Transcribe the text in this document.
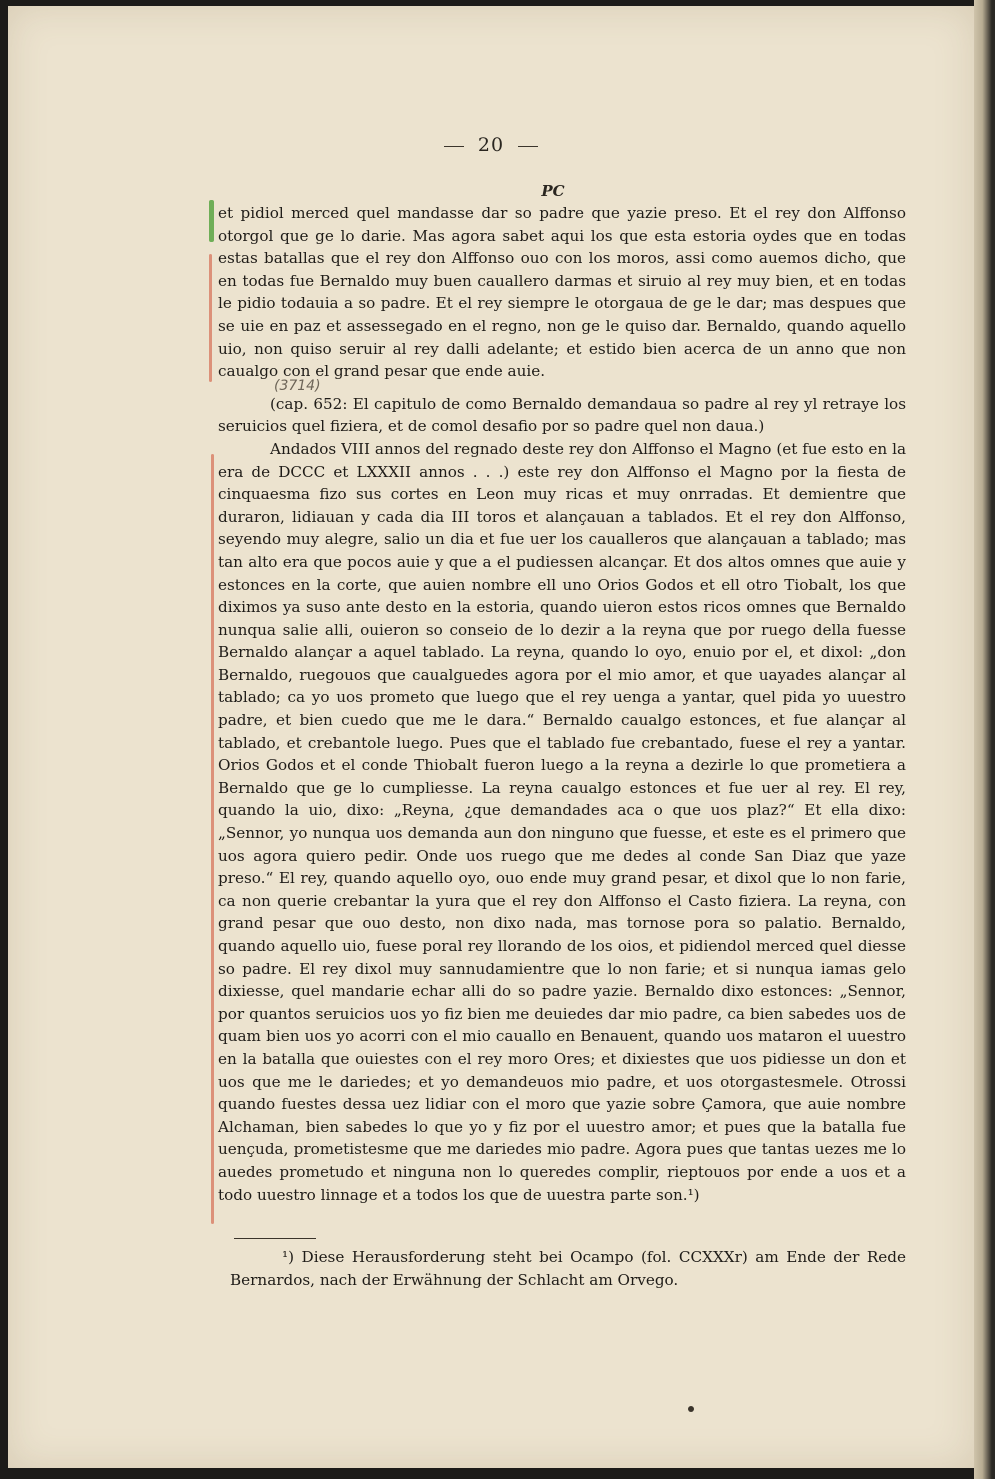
20
PC
(3714)

et pidiol merced quel mandasse dar so padre que yazie preso. Et el rey don Alffonso otorgol que ge lo darie. Mas agora sabet aqui los que esta estoria oydes que en todas estas batallas que el rey don Alffonso ouo con los moros, assi como auemos dicho, que en todas fue Bernaldo muy buen cauallero darmas et siruio al rey muy bien, et en todas le pidio todauia a so padre. Et el rey siempre le otorgaua de ge le dar; mas despues que se uie en paz et assessegado en el regno, non ge le quiso dar. Bernaldo, quando aquello uio, non quiso seruir al rey dalli adelante; et estido bien acerca de un anno que non caualgo con el grand pesar que ende auie.

(cap. 652: El capitulo de como Bernaldo demandaua so padre al rey yl retraye los seruicios quel fiziera, et de comol desafio por so padre quel non daua.)

Andados VIII annos del regnado deste rey don Alffonso el Magno (et fue esto en la era de DCCC et LXXXII annos . . .) este rey don Alffonso el Magno por la fiesta de cinquaesma fizo sus cortes en Leon muy ricas et muy onrradas. Et demientre que duraron, lidiauan y cada dia III toros et alançauan a tablados. Et el rey don Alffonso, seyendo muy alegre, salio un dia et fue uer los caualleros que alançauan a tablado; mas tan alto era que pocos auie y que a el pudiessen alcançar. Et dos altos omnes que auie y estonces en la corte, que auien nombre ell uno Orios Godos et ell otro Tiobalt, los que diximos ya suso ante desto en la estoria, quando uieron estos ricos omnes que Bernaldo nunqua salie alli, ouieron so conseio de lo dezir a la reyna que por ruego della fuesse Bernaldo alançar a aquel tablado. La reyna, quando lo oyo, enuio por el, et dixol: „don Bernaldo, ruegouos que caualguedes agora por el mio amor, et que uayades alançar al tablado; ca yo uos prometo que luego que el rey uenga a yantar, quel pida yo uuestro padre, et bien cuedo que me le dara.“ Bernaldo caualgo estonces, et fue alançar al tablado, et crebantole luego. Pues que el tablado fue crebantado, fuese el rey a yantar. Orios Godos et el conde Thiobalt fueron luego a la reyna a dezirle lo que prometiera a Bernaldo que ge lo cumpliesse. La reyna caualgo estonces et fue uer al rey. El rey, quando la uio, dixo: „Reyna, ¿que demandades aca o que uos plaz?“ Et ella dixo: „Sennor, yo nunqua uos demanda aun don ninguno que fuesse, et este es el primero que uos agora quiero pedir. Onde uos ruego que me dedes al conde San Diaz que yaze preso.“ El rey, quando aquello oyo, ouo ende muy grand pesar, et dixol que lo non farie, ca non querie crebantar la yura que el rey don Alffonso el Casto fiziera. La reyna, con grand pesar que ouo desto, non dixo nada, mas tornose pora so palatio. Bernaldo, quando aquello uio, fuese poral rey llorando de los oios, et pidiendol merced quel diesse so padre. El rey dixol muy sannudamientre que lo non farie; et si nunqua iamas gelo dixiesse, quel mandarie echar alli do so padre yazie. Bernaldo dixo estonces: „Sennor, por quantos seruicios uos yo fiz bien me deuiedes dar mio padre, ca bien sabedes uos de quam bien uos yo acorri con el mio cauallo en Benauent, quando uos mataron el uuestro en la batalla que ouiestes con el rey moro Ores; et dixiestes que uos pidiesse un don et uos que me le dariedes; et yo demandeuos mio padre, et uos otorgastesmele. Otrossi quando fuestes dessa uez lidiar con el moro que yazie sobre Çamora, que auie nombre Alchaman, bien sabedes lo que yo y fiz por el uuestro amor; et pues que la batalla fue uençuda, prometistesme que me dariedes mio padre. Agora pues que tantas uezes me lo auedes prometudo et ninguna non lo queredes complir, rieptouos por ende a uos et a todo uuestro linnage et a todos los que de uuestra parte son.¹)

¹) Diese Herausforderung steht bei Ocampo (fol. CCXXXr) am Ende der Rede Bernardos, nach der Erwähnung der Schlacht am Orvego.
